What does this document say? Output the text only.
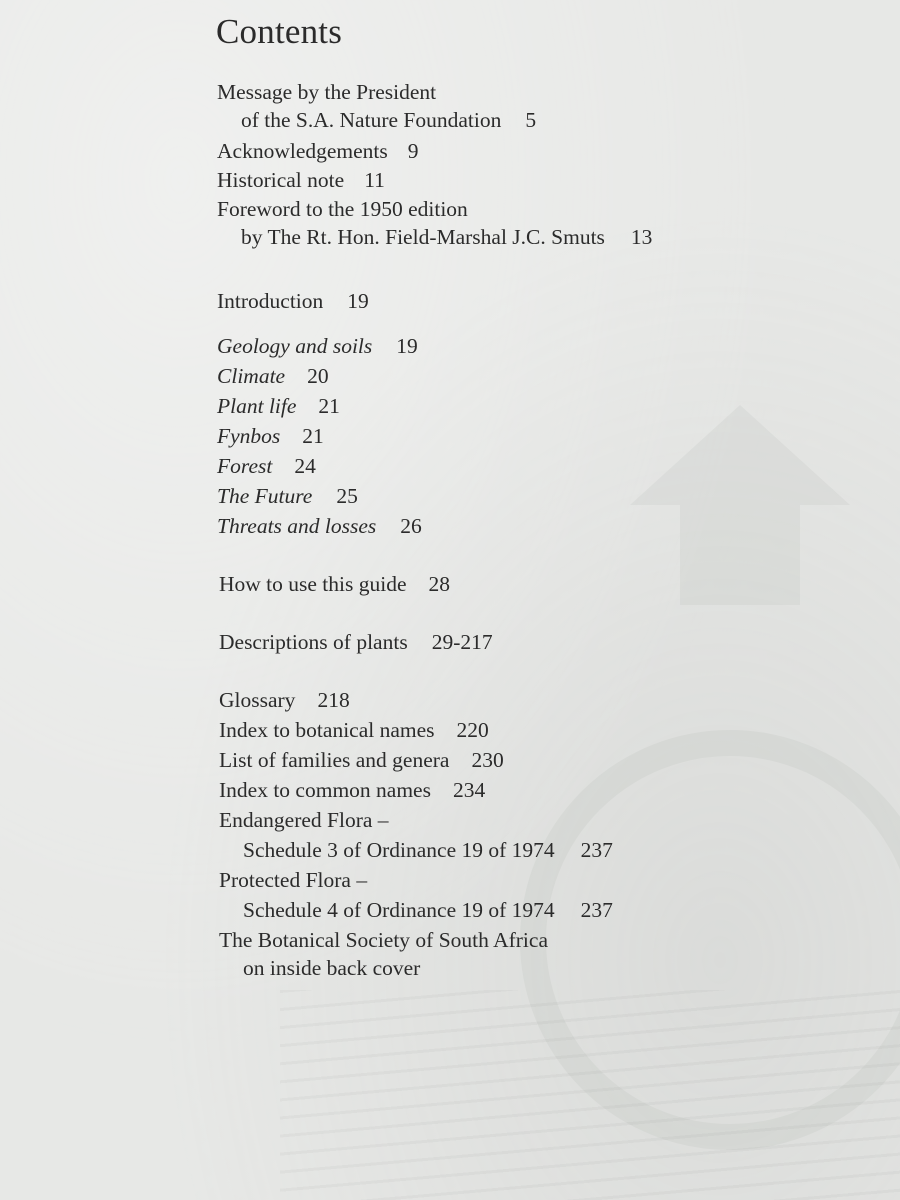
Contents
Message by the President
of the S.A. Nature Foundation 5
Acknowledgements 9
Historical note 11
Foreword to the 1950 edition
by The Rt. Hon. Field-Marshal J.C. Smuts 13
Introduction 19
Geology and soils 19
Climate 20
Plant life 21
Fynbos 21
Forest 24
The Future 25
Threats and losses 26
How to use this guide 28
Descriptions of plants 29-217
Glossary 218
Index to botanical names 220
List of families and genera 230
Index to common names 234
Endangered Flora –
Schedule 3 of Ordinance 19 of 1974 237
Protected Flora –
Schedule 4 of Ordinance 19 of 1974 237
The Botanical Society of South Africa
on inside back cover
